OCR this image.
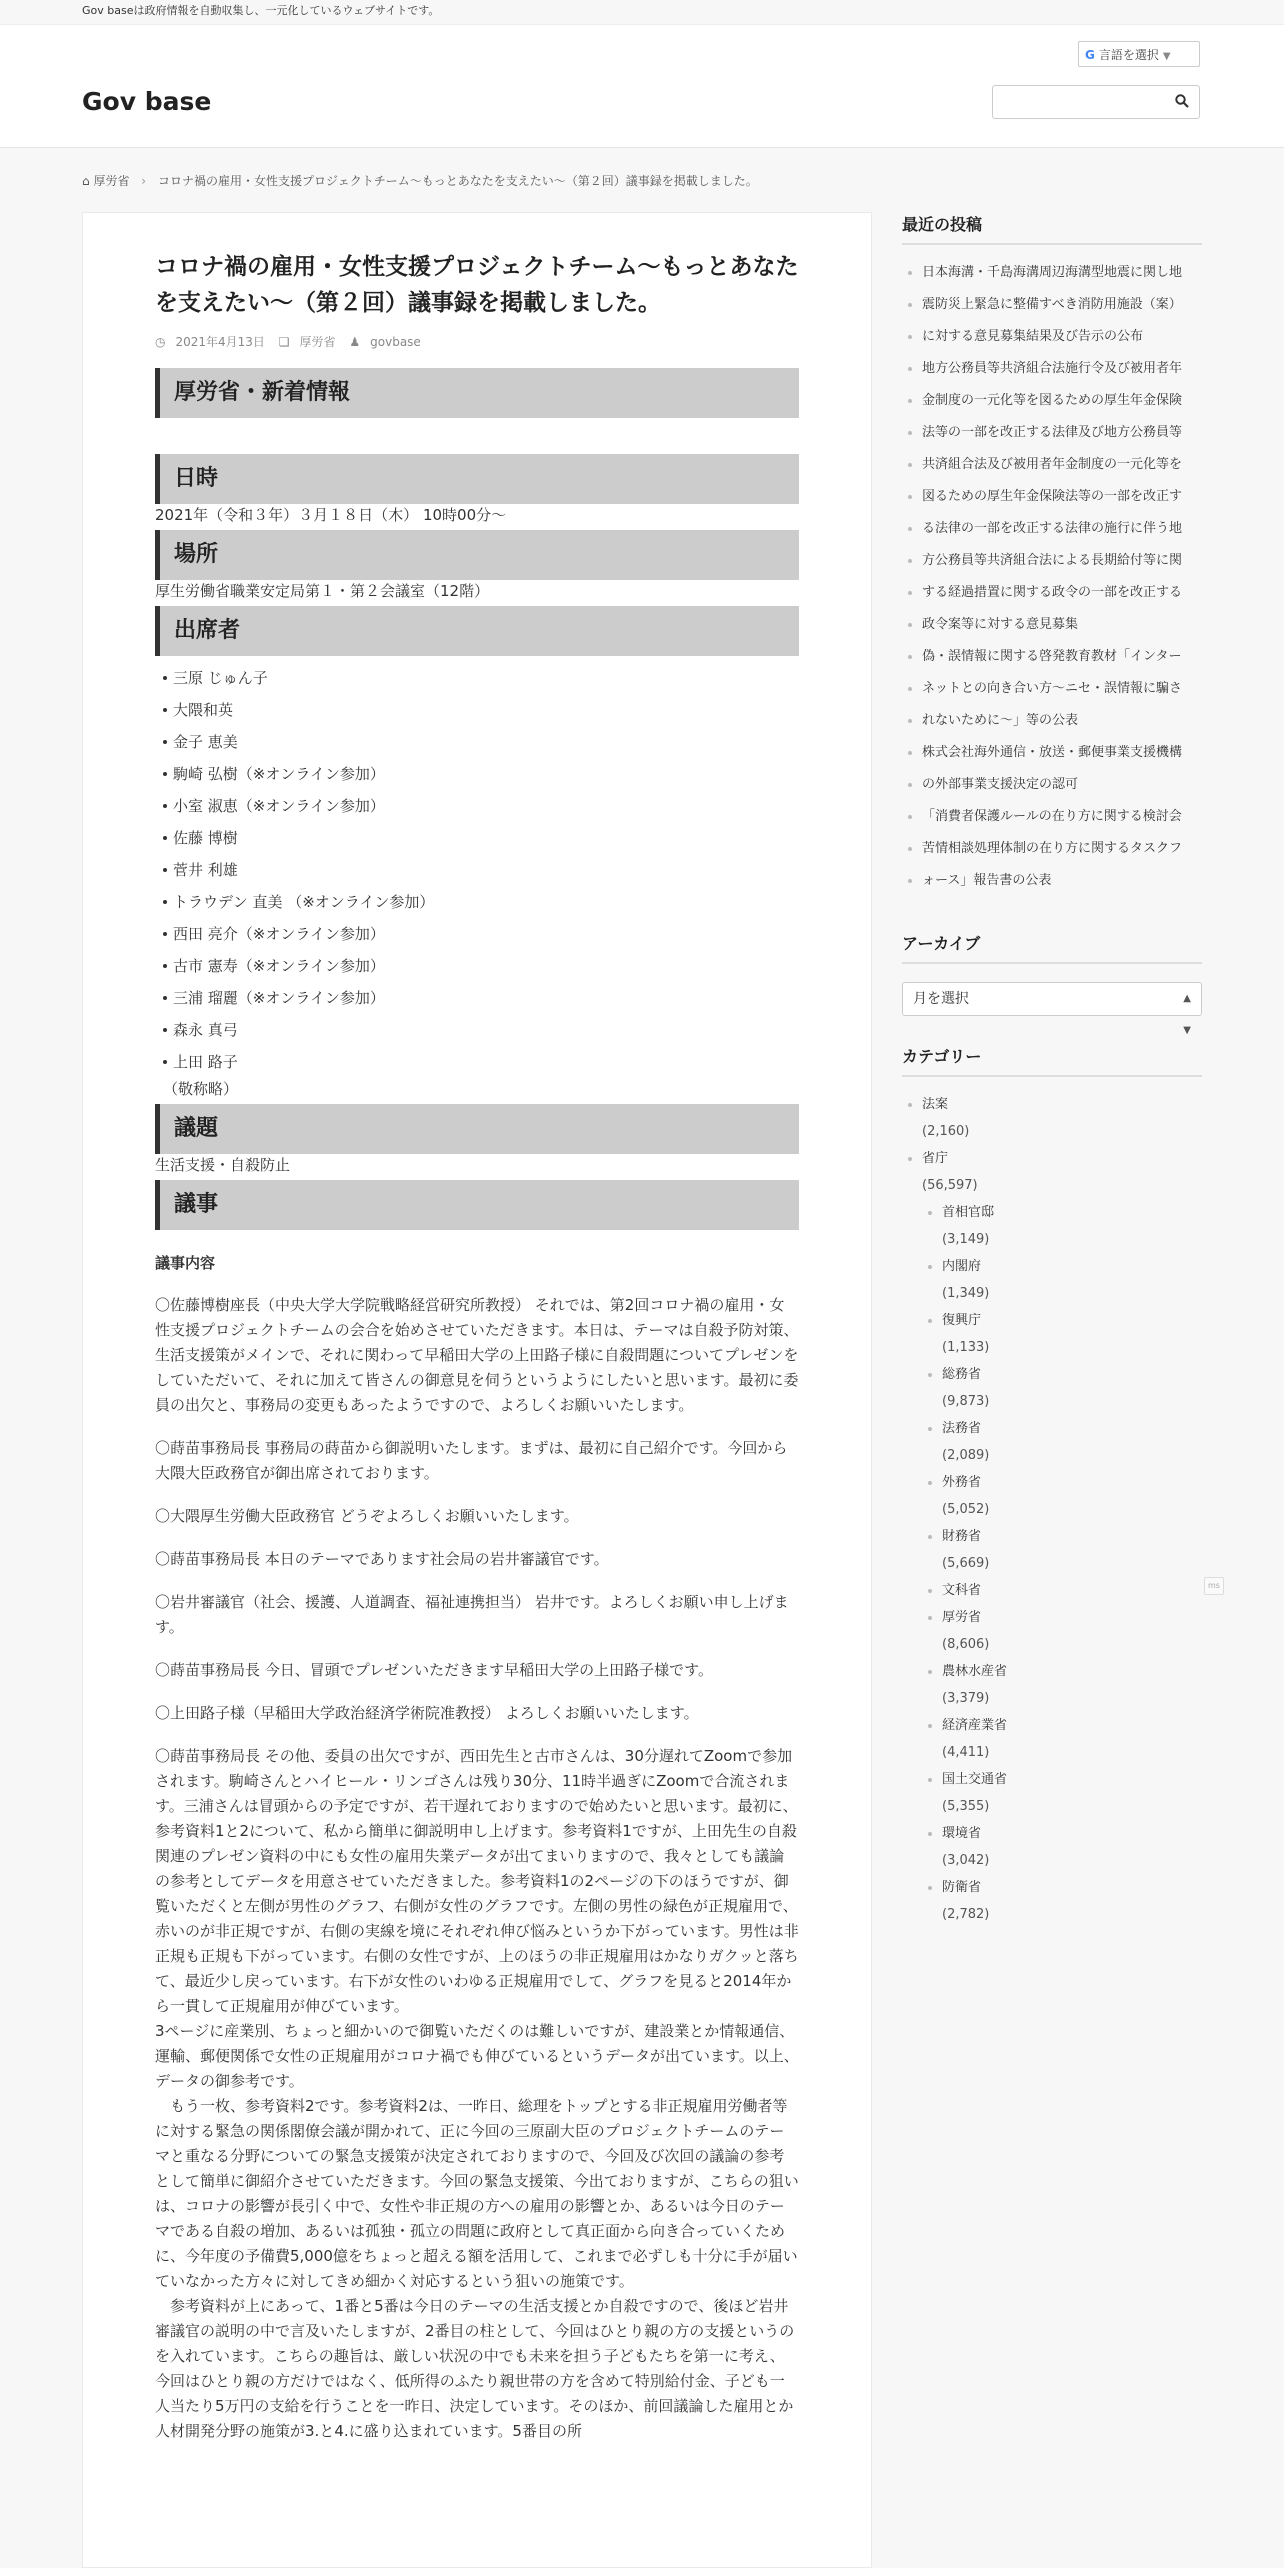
Gov baseは政府情報を自動収集し、一元化しているウェブサイトです。
Gov base
G 言語を選択 ▼
⌂ 厚労省 › コロナ禍の雇用・女性支援プロジェクトチーム〜もっとあなたを支えたい〜（第２回）議事録を掲載しました。
コロナ禍の雇用・女性支援プロジェクトチーム〜もっとあなたを支えたい〜（第２回）議事録を掲載しました。
◷ 2021年4月13日 ❏ 厚労省 ♟ govbase
厚労省・新着情報
日時
2021年（令和３年）３月１８日（木） 10時00分〜
場所
厚生労働省職業安定局第１・第２会議室（12階）
出席者
三原 じゅん子
大隈和英
金子 恵美
駒崎 弘樹（※オンライン参加）
小室 淑恵（※オンライン参加）
佐藤 博樹
菅井 利雄
トラウデン 直美 （※オンライン参加）
西田 亮介（※オンライン参加）
古市 憲寿（※オンライン参加）
三浦 瑠麗（※オンライン参加）
森永 真弓
上田 路子
（敬称略）
議題
生活支援・自殺防止
議事
議事内容

〇佐藤博樹座長（中央大学大学院戦略経営研究所教授） それでは、第2回コロナ禍の雇用・女性支援プロジェクトチームの会合を始めさせていただきます。本日は、テーマは自殺予防対策、生活支援策がメインで、それに関わって早稲田大学の上田路子様に自殺問題についてプレゼンをしていただいて、それに加えて皆さんの御意見を伺うというようにしたいと思います。最初に委員の出欠と、事務局の変更もあったようですので、よろしくお願いいたします。

〇蒔苗事務局長 事務局の蒔苗から御説明いたします。まずは、最初に自己紹介です。今回から大隈大臣政務官が御出席されております。

〇大隈厚生労働大臣政務官 どうぞよろしくお願いいたします。

〇蒔苗事務局長 本日のテーマであります社会局の岩井審議官です。

〇岩井審議官（社会、援護、人道調査、福祉連携担当） 岩井です。よろしくお願い申し上げます。

〇蒔苗事務局長 今日、冒頭でプレゼンいただきます早稲田大学の上田路子様です。

〇上田路子様（早稲田大学政治経済学術院准教授） よろしくお願いいたします。

〇蒔苗事務局長 その他、委員の出欠ですが、西田先生と古市さんは、30分遅れてZoomで参加されます。駒崎さんとハイヒール・リンゴさんは残り30分、11時半過ぎにZoomで合流されます。三浦さんは冒頭からの予定ですが、若干遅れておりますので始めたいと思います。最初に、参考資料1と2について、私から簡単に御説明申し上げます。参考資料1ですが、上田先生の自殺関連のプレゼン資料の中にも女性の雇用失業データが出てまいりますので、我々としても議論の参考としてデータを用意させていただきました。参考資料1の2ページの下のほうですが、御覧いただくと左側が男性のグラフ、右側が女性のグラフです。左側の男性の緑色が正規雇用で、赤いのが非正規ですが、右側の実線を境にそれぞれ伸び悩みというか下がっています。男性は非正規も正規も下がっています。右側の女性ですが、上のほうの非正規雇用はかなりガクッと落ちて、最近少し戻っています。右下が女性のいわゆる正規雇用でして、グラフを見ると2014年から一貫して正規雇用が伸びています。

3ページに産業別、ちょっと細かいので御覧いただくのは難しいですが、建設業とか情報通信、運輸、郵便関係で女性の正規雇用がコロナ禍でも伸びているというデータが出ています。以上、データの御参考です。

　もう一枚、参考資料2です。参考資料2は、一昨日、総理をトップとする非正規雇用労働者等に対する緊急の関係閣僚会議が開かれて、正に今回の三原副大臣のプロジェクトチームのテーマと重なる分野についての緊急支援策が決定されておりますので、今回及び次回の議論の参考として簡単に御紹介させていただきます。今回の緊急支援策、今出ておりますが、こちらの狙いは、コロナの影響が長引く中で、女性や非正規の方への雇用の影響とか、あるいは今日のテーマである自殺の増加、あるいは孤独・孤立の問題に政府として真正面から向き合っていくために、今年度の予備費5,000億をちょっと超える額を活用して、これまで必ずしも十分に手が届いていなかった方々に対してきめ細かく対応するという狙いの施策です。

　参考資料が上にあって、1番と5番は今日のテーマの生活支援とか自殺ですので、後ほど岩井審議官の説明の中で言及いたしますが、2番目の柱として、今回はひとり親の方の支援というのを入れています。こちらの趣旨は、厳しい状況の中でも未来を担う子どもたちを第一に考え、今回はひとり親の方だけではなく、低所得のふたり親世帯の方を含めて特別給付金、子ども一人当たり5万円の支給を行うことを一昨日、決定しています。そのほか、前回議論した雇用とか人材開発分野の施策が3.と4.に盛り込まれています。5番目の所

最近の投稿
日本海溝・千島海溝周辺海溝型地震に関し地
震防災上緊急に整備すべき消防用施設（案）
に対する意見募集結果及び告示の公布
地方公務員等共済組合法施行令及び被用者年
金制度の一元化等を図るための厚生年金保険
法等の一部を改正する法律及び地方公務員等
共済組合法及び被用者年金制度の一元化等を
図るための厚生年金保険法等の一部を改正す
る法律の一部を改正する法律の施行に伴う地
方公務員等共済組合法による長期給付等に関
する経過措置に関する政令の一部を改正する
政令案等に対する意見募集
偽・誤情報に関する啓発教育教材「インター
ネットとの向き合い方〜ニセ・誤情報に騙さ
れないために〜」等の公表
株式会社海外通信・放送・郵便事業支援機構
の外部事業支援決定の認可
「消費者保護ルールの在り方に関する検討会
苦情相談処理体制の在り方に関するタスクフ
ォース」報告書の公表
アーカイブ
月を選択	▲
▼
カテゴリー
法案
(2,160)
省庁
(56,597)
首相官邸
(3,149)
内閣府
(1,349)
復興庁
(1,133)
総務省
(9,873)
法務省
(2,089)
外務省
(5,052)
財務省
(5,669)
文科省	ms
厚労省
(8,606)
農林水産省
(3,379)
経済産業省
(4,411)
国土交通省
(5,355)
環境省
(3,042)
防衛省
(2,782)
